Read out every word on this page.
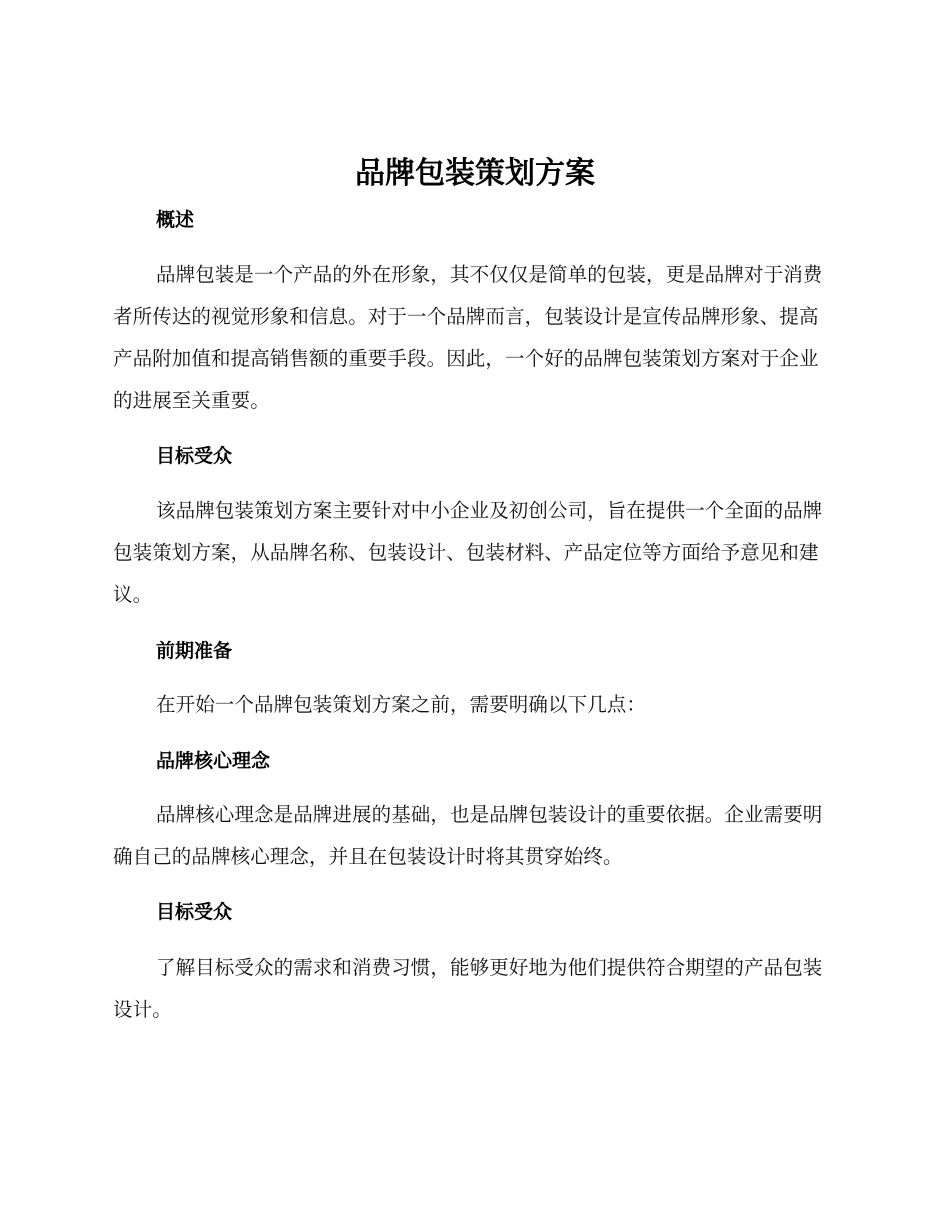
品牌包装策划方案
概述

品牌包装是一个产品的外在形象，其不仅仅是简单的包装，更是品牌对于消费者所传达的视觉形象和信息。对于一个品牌而言，包装设计是宣传品牌形象、提高产品附加值和提高销售额的重要手段。因此，一个好的品牌包装策划方案对于企业的进展至关重要。

目标受众

该品牌包装策划方案主要针对中小企业及初创公司，旨在提供一个全面的品牌包装策划方案，从品牌名称、包装设计、包装材料、产品定位等方面给予意见和建议。

前期准备

在开始一个品牌包装策划方案之前，需要明确以下几点：

品牌核心理念

品牌核心理念是品牌进展的基础，也是品牌包装设计的重要依据。企业需要明确自己的品牌核心理念，并且在包装设计时将其贯穿始终。

目标受众

了解目标受众的需求和消费习惯，能够更好地为他们提供符合期望的产品包装设计。
